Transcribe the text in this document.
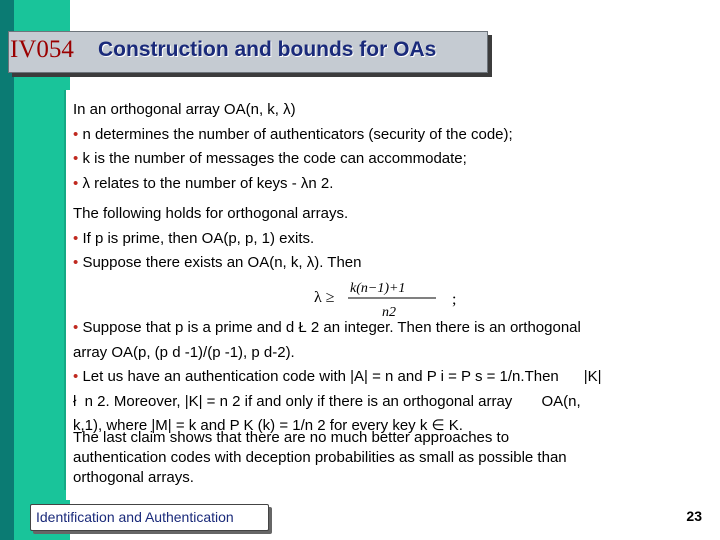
IV054 Construction and bounds for OAs
In an orthogonal array OA(n, k, λ)
• n determines the number of authenticators (security of the code);
• k is the number of messages the code can accommodate;
• λ relates to the number of keys - λn 2.
The following holds for orthogonal arrays.
• If p is prime, then OA(p, p, 1) exits.
• Suppose there exists an OA(n, k, λ). Then
λ ≥
k(n−1)+1
n2
;
• Suppose that p is a prime and d Ł 2 an integer. Then there is an orthogonal
array OA(p, (p d -1)/(p -1), p d-2).
• Let us have an authentication code with |A| = n and P i = P s = 1/n.Then      |K|
ł  n 2. Moreover, |K| = n 2 if and only if there is an orthogonal array       OA(n,
k,1), where |M| = k and P K (k) = 1/n 2 for every key k ∈ K.
The last claim shows that there are no much better approaches to
authentication codes with deception probabilities as small as possible than
orthogonal arrays.
Identification and Authentication	23
